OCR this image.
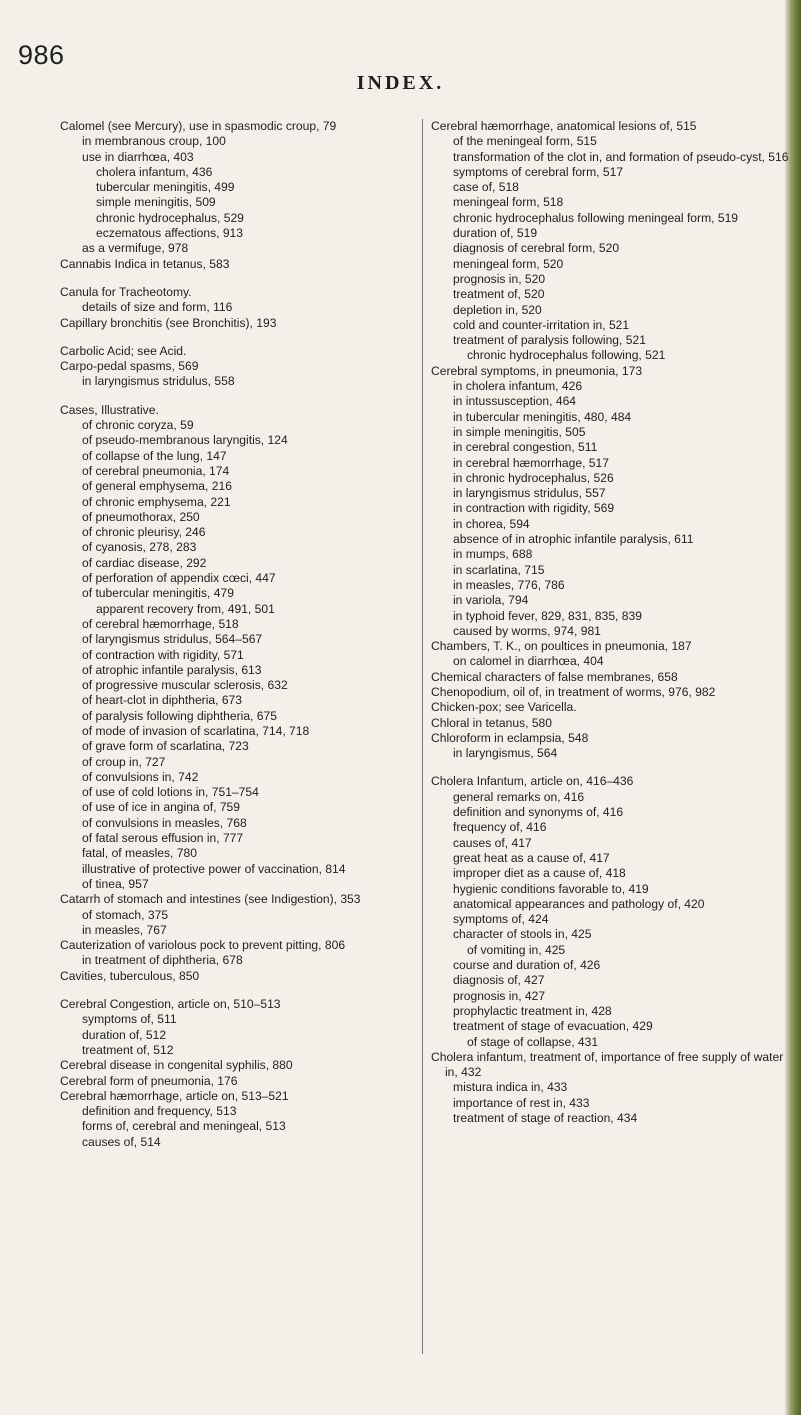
986
INDEX.

Calomel (see Mercury), use in spasmodic croup, 79

in membranous croup, 100

use in diarrhœa, 403

cholera infantum, 436

tubercular meningitis, 499

simple meningitis, 509

chronic hydrocephalus, 529

eczematous affections, 913

as a vermifuge, 978

Cannabis Indica in tetanus, 583

Canula for Tracheotomy.

details of size and form, 116

Capillary bronchitis (see Bronchitis), 193

Carbolic Acid; see Acid.

Carpo-pedal spasms, 569

in laryngismus stridulus, 558

Cases, Illustrative.

of chronic coryza, 59

of pseudo-membranous laryngitis, 124

of collapse of the lung, 147

of cerebral pneumonia, 174

of general emphysema, 216

of chronic emphysema, 221

of pneumothorax, 250

of chronic pleurisy, 246

of cyanosis, 278, 283

of cardiac disease, 292

of perforation of appendix cœci, 447

of tubercular meningitis, 479

apparent recovery from, 491, 501

of cerebral hæmorrhage, 518

of laryngismus stridulus, 564–567

of contraction with rigidity, 571

of atrophic infantile paralysis, 613

of progressive muscular sclerosis, 632

of heart-clot in diphtheria, 673

of paralysis following diphtheria, 675

of mode of invasion of scarlatina, 714, 718

of grave form of scarlatina, 723

of croup in, 727

of convulsions in, 742

of use of cold lotions in, 751–754

of use of ice in angina of, 759

of convulsions in measles, 768

of fatal serous effusion in, 777

fatal, of measles, 780

illustrative of protective power of vaccination, 814

of tinea, 957

Catarrh of stomach and intestines (see Indigestion), 353

of stomach, 375

in measles, 767

Cauterization of variolous pock to prevent pitting, 806

in treatment of diphtheria, 678

Cavities, tuberculous, 850

Cerebral Congestion, article on, 510–513

symptoms of, 511

duration of, 512

treatment of, 512

Cerebral disease in congenital syphilis, 880

Cerebral form of pneumonia, 176

Cerebral hæmorrhage, article on, 513–521

definition and frequency, 513

forms of, cerebral and meningeal, 513

causes of, 514

Cerebral hæmorrhage, anatomical lesions of, 515

of the meningeal form, 515

transformation of the clot in, and formation of pseudo-cyst, 516

symptoms of cerebral form, 517

case of, 518

meningeal form, 518

chronic hydrocephalus following meningeal form, 519

duration of, 519

diagnosis of cerebral form, 520

meningeal form, 520

prognosis in, 520

treatment of, 520

depletion in, 520

cold and counter-irritation in, 521

treatment of paralysis following, 521

chronic hydrocephalus following, 521

Cerebral symptoms, in pneumonia, 173

in cholera infantum, 426

in intussusception, 464

in tubercular meningitis, 480, 484

in simple meningitis, 505

in cerebral congestion, 511

in cerebral hæmorrhage, 517

in chronic hydrocephalus, 526

in laryngismus stridulus, 557

in contraction with rigidity, 569

in chorea, 594

absence of in atrophic infantile paralysis, 611

in mumps, 688

in scarlatina, 715

in measles, 776, 786

in variola, 794

in typhoid fever, 829, 831, 835, 839

caused by worms, 974, 981

Chambers, T. K., on poultices in pneumonia, 187

on calomel in diarrhœa, 404

Chemical characters of false membranes, 658

Chenopodium, oil of, in treatment of worms, 976, 982

Chicken-pox; see Varicella.

Chloral in tetanus, 580

Chloroform in eclampsia, 548

in laryngismus, 564

Cholera Infantum, article on, 416–436

general remarks on, 416

definition and synonyms of, 416

frequency of, 416

causes of, 417

great heat as a cause of, 417

improper diet as a cause of, 418

hygienic conditions favorable to, 419

anatomical appearances and pathology of, 420

symptoms of, 424

character of stools in, 425

of vomiting in, 425

course and duration of, 426

diagnosis of, 427

prognosis in, 427

prophylactic treatment in, 428

treatment of stage of evacuation, 429

of stage of collapse, 431

Cholera infantum, treatment of, importance of free supply of water in, 432

mistura indica in, 433

importance of rest in, 433

treatment of stage of reaction, 434
